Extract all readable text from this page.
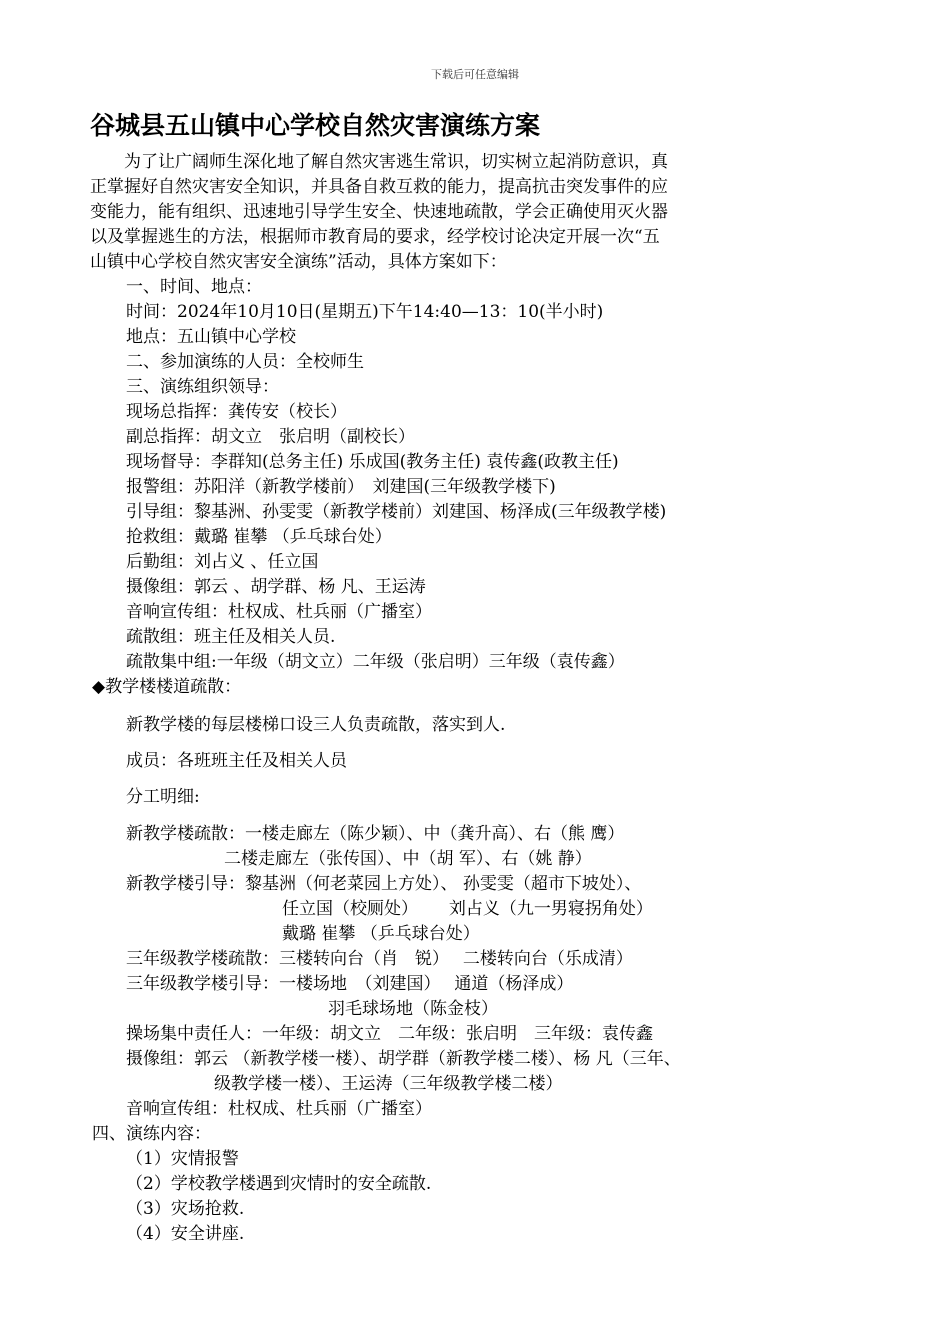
下载后可任意编辑
谷城县五山镇中心学校自然灾害演练方案
为了让广阔师生深化地了解自然灾害逃生常识，切实树立起消防意识，真
正掌握好自然灾害安全知识，并具备自救互救的能力，提高抗击突发事件的应
变能力，能有组织、迅速地引导学生安全、快速地疏散，学会正确使用灭火器
以及掌握逃生的方法，根据师市教育局的要求，经学校讨论决定开展一次“五
山镇中心学校自然灾害安全演练”活动，具体方案如下：
一、时间、地点：
时间：2024年10月10日(星期五)下午14:40—13：10(半小时)
地点：五山镇中心学校
二、参加演练的人员：全校师生
三、演练组织领导：
现场总指挥：龚传安（校长）
副总指挥：胡文立　张启明（副校长）
现场督导：李群知(总务主任) 乐成国(教务主任) 袁传鑫(政教主任)
报警组：苏阳洋（新教学楼前）　刘建国(三年级教学楼下)
引导组：黎基洲、孙雯雯（新教学楼前）刘建国、杨泽成(三年级教学楼)
抢救组：戴璐 崔攀 （乒乓球台处）
后勤组：刘占义 、任立国
摄像组：郭云 、胡学群、杨 凡、王运涛
音响宣传组：杜权成、杜兵丽（广播室）
疏散组：班主任及相关人员.
疏散集中组:一年级（胡文立）二年级（张启明）三年级（袁传鑫）
◆教学楼楼道疏散：
新教学楼的每层楼梯口设三人负责疏散，落实到人.
成员：各班班主任及相关人员
分工明细:
新教学楼疏散：一楼走廊左（陈少颖）、中（龚升高）、右（熊 鹰）
二楼走廊左（张传国）、中（胡 军）、右（姚 静）
新教学楼引导：黎基洲（何老菜园上方处）、 孙雯雯（超市下坡处）、
任立国（校厕处）　　 刘占义（九一男寝拐角处）
戴璐 崔攀 （乒乓球台处）
三年级教学楼疏散：三楼转向台（肖　锐）　 二楼转向台（乐成清）
三年级教学楼引导：一楼场地　（刘建国）　 通道（杨泽成）
羽毛球场地（陈金枝）
操场集中责任人：一年级：胡文立　二年级：张启明　三年级：袁传鑫
摄像组：郭云 （新教学楼一楼）、胡学群（新教学楼二楼）、杨 凡（三年、
级教学楼一楼）、王运涛（三年级教学楼二楼）
音响宣传组：杜权成、杜兵丽（广播室）
四、演练内容：
（1）灾情报警
（2）学校教学楼遇到灾情时的安全疏散.
（3）灾场抢救.
（4）安全讲座.
